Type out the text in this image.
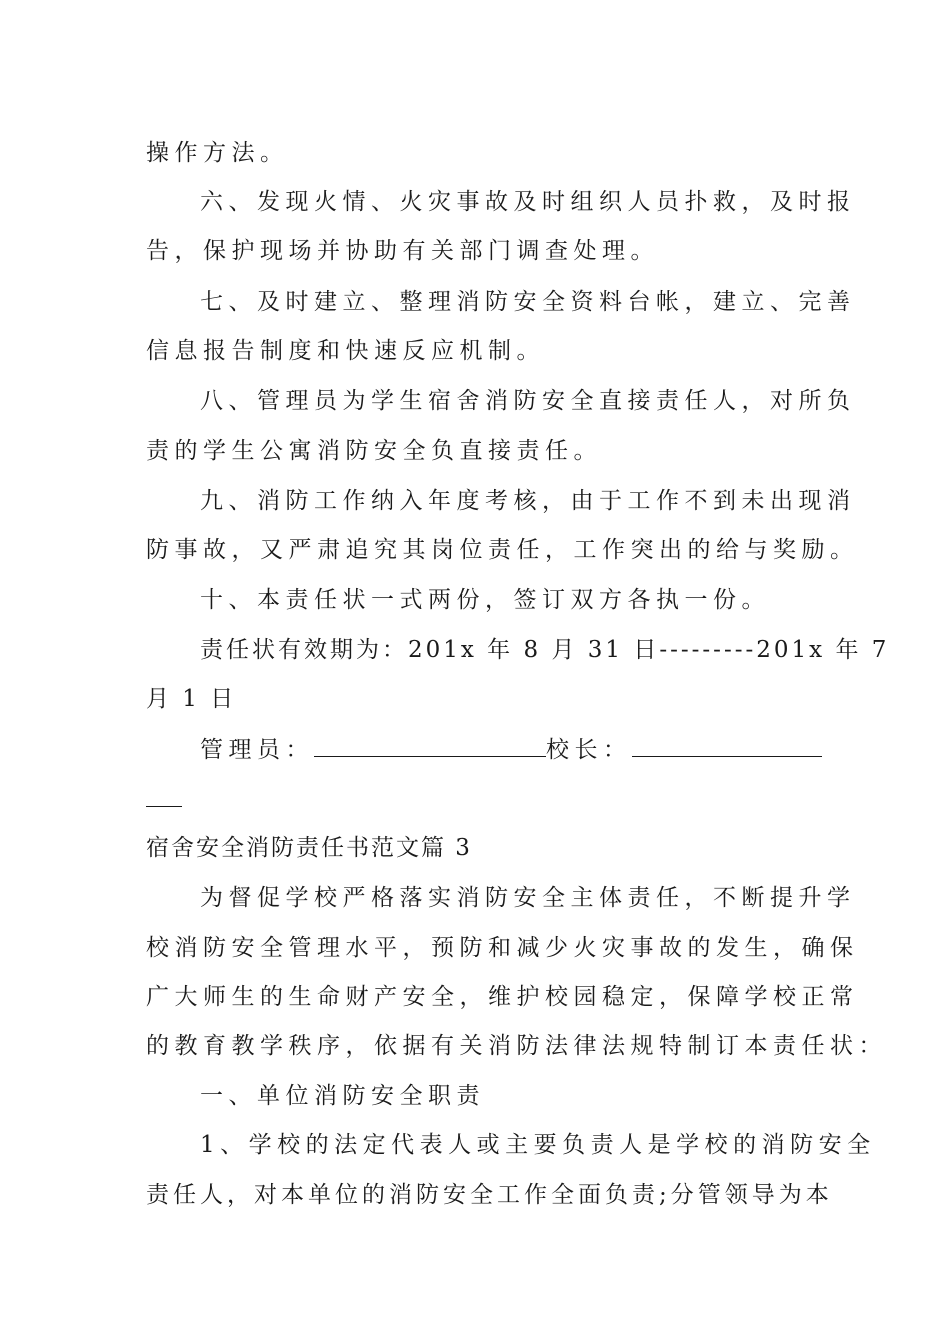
操作方法。
六、发现火情、火灾事故及时组织人员扑救，及时报
告，保护现场并协助有关部门调查处理。
七、及时建立、整理消防安全资料台帐，建立、完善
信息报告制度和快速反应机制。
八、管理员为学生宿舍消防安全直接责任人，对所负
责的学生公寓消防安全负直接责任。
九、消防工作纳入年度考核，由于工作不到未出现消
防事故，又严肃追究其岗位责任，工作突出的给与奖励。
十、本责任状一式两份，签订双方各执一份。
责任状有效期为：201x 年 8 月 31 日---------201x 年 7
月 1 日
管理员：	校长：
宿舍安全消防责任书范文篇 3
为督促学校严格落实消防安全主体责任，不断提升学
校消防安全管理水平，预防和减少火灾事故的发生，确保
广大师生的生命财产安全，维护校园稳定，保障学校正常
的教育教学秩序，依据有关消防法律法规特制订本责任状：
一、单位消防安全职责
1、学校的法定代表人或主要负责人是学校的消防安全
责任人，对本单位的消防安全工作全面负责;分管领导为本
